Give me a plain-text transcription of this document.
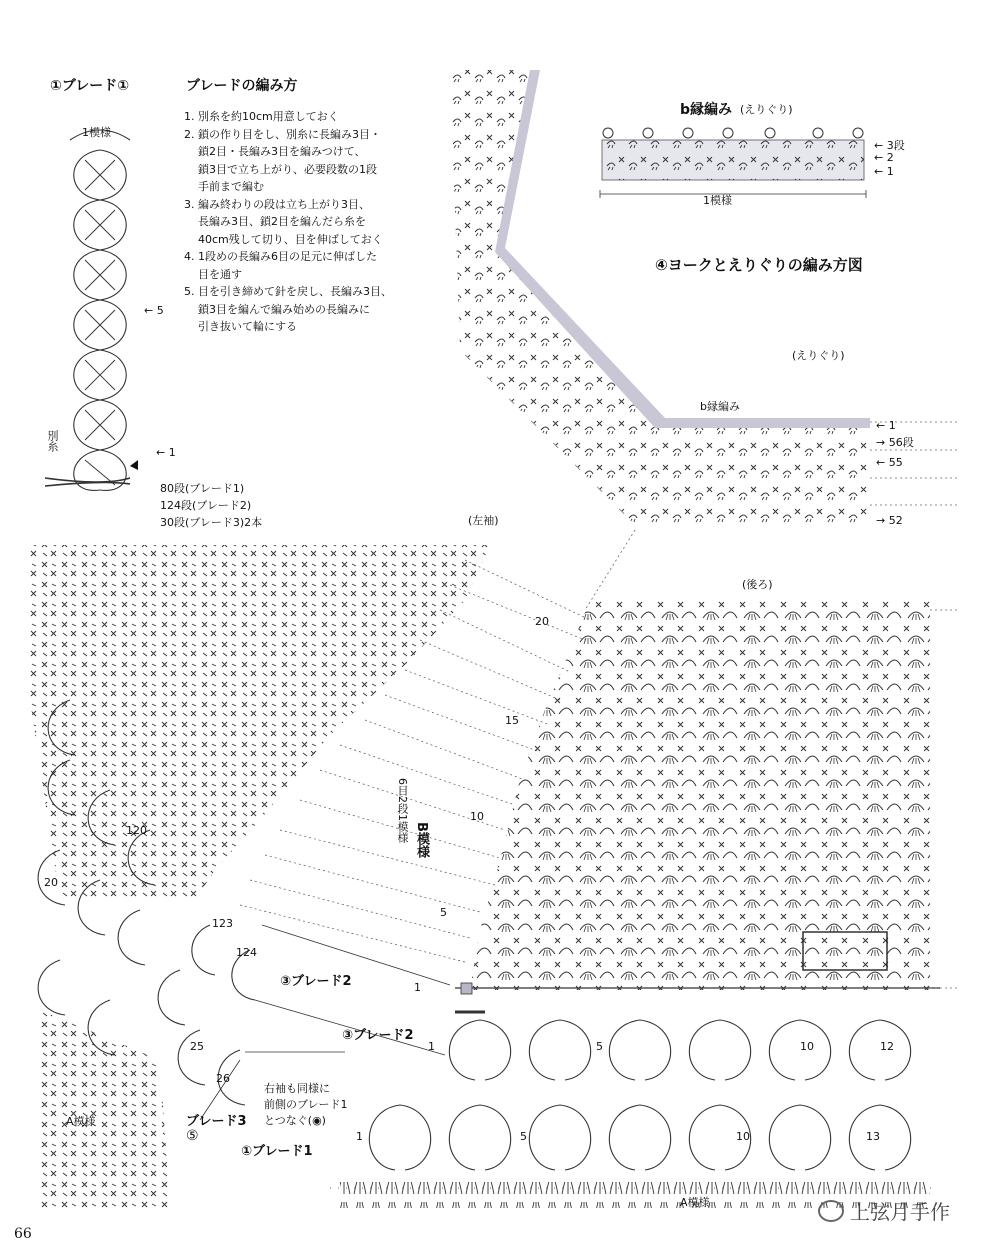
①ブレード①
1模様
← 5
← 1
別糸
80段(ブレード1)
124段(ブレード2)
30段(ブレード3)2本
ブレードの編み方
1. 別糸を約10cm用意しておく
2. 鎖の作り目をし、別糸に長編み3目・
鎖2目・長編み3目を編みつけて、
鎖3目で立ち上がり、必要段数の1段
手前まで編む
3. 編み終わりの段は立ち上がり3目、
長編み3目、鎖2目を編んだら糸を
40cm残して切り、目を伸ばしておく
4. 1段めの長編み6目の足元に伸ばした
目を通す
5. 目を引き締めて針を戻し、長編み3目、
鎖3目を編んで編み始めの長編みに
引き抜いて輪にする
b縁編み (えりぐり)
← 3段
← 2
← 1
1模様
④ヨークとえりぐりの編み方図
(えりぐり)
b縁編み
← 1
→ 56段
← 55
→ 52
(左袖)
(後ろ)
B模様
6目2段1模様
20
15
10
5
1
③ブレード2
③ブレード2
ブレード3
⑤
①ブレード1
A模様
A模様
右袖も同様に
前側のブレード1
とつなぐ(◉)
120
20
123
124
25
26
1	5	10	12
1	5	10	13
66
上弦月手作
